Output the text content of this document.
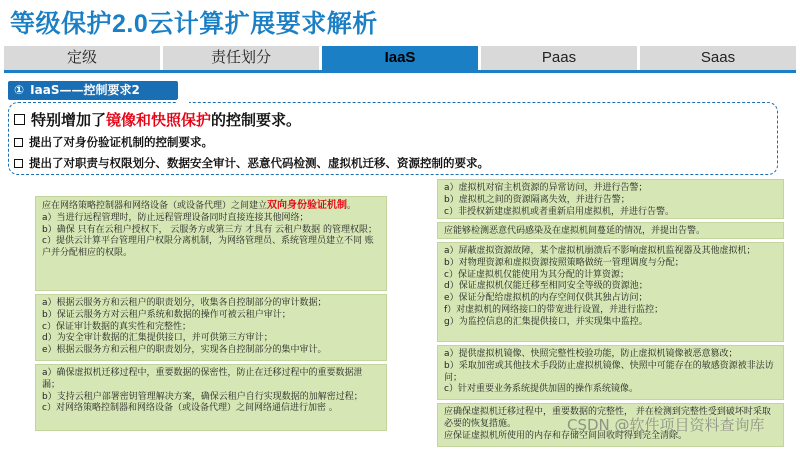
等级保护2.0云计算扩展要求解析
定级	责任划分	IaaS	Paas	Saas
① IaaS——控制要求2
特别增加了 镜像和快照保护 的控制要求。
提出了对身份验证机制的控制要求。
提出了对职责与权限划分、数据安全审计、恶意代码检测、虚拟机迁移、资源控制的要求。

应在网络策略控制器和网络设备（或设备代理）之间建立双向身份验证机制。

a）当进行远程管理时，防止远程管理设备同时直接连接其他网络；

b）确保 只有在云租户授权下， 云服务方或第三方 才具有 云租户数据 的管理权限；

c）提供云计算平台管理用户权限分离机制，为网络管理员、系统管理员建立不同 账户并分配相应的权限。

a）根据云服务方和云租户的职责划分，收集各自控制部分的审计数据；

b）保证云服务方对云租户系统和数据的操作可被云租户审计；

c）保证审计数据的真实性和完整性；

d）为安全审计数据的汇集提供接口，并可供第三方审计；

e）根据云服务方和云租户的职责划分，实现各自控制部分的集中审计。

a）确保虚拟机迁移过程中，重要数据的保密性，防止在迁移过程中的重要数据泄漏；

b）支持云租户部署密钥管理解决方案，确保云租户自行实现数据的加解密过程；

c）对网络策略控制器和网络设备（或设备代理）之间网络通信进行加密 。

a）虚拟机对宿主机资源的异常访问，并进行告警；

b）虚拟机之间的资源隔离失效，并进行告警；

c）非授权新建虚拟机或者重新启用虚拟机，并进行告警。

应能够检测恶意代码感染及在虚拟机间蔓延的情况，并提出告警。

a）屏蔽虚拟资源故障，某个虚拟机崩溃后不影响虚拟机监视器及其他虚拟机；

b）对物理资源和虚拟资源按照策略做统一管理调度与分配；

c）保证虚拟机仅能使用为其分配的计算资源；

d）保证虚拟机仅能迁移至相同安全等级的资源池；

e）保证分配给虚拟机的内存空间仅供其独占访问；

f）对虚拟机的网络接口的带宽进行设置，并进行监控；

g）为监控信息的汇集提供接口，并实现集中监控。

a）提供虚拟机镜像、快照完整性校验功能，防止虚拟机镜像被恶意篡改；

b）采取加密或其他技术手段防止虚拟机镜像、快照中可能存在的敏感资源被非法访问；

c）针对重要业务系统提供加固的操作系统镜像。

应确保虚拟机迁移过程中，重要数据的完整性， 并在检测到完整性受到破坏时采取必要的恢复措施。

应保证虚拟机所使用的内存和存储空间回收时得到完全清除。

CSDN @软件项目资料查询库
